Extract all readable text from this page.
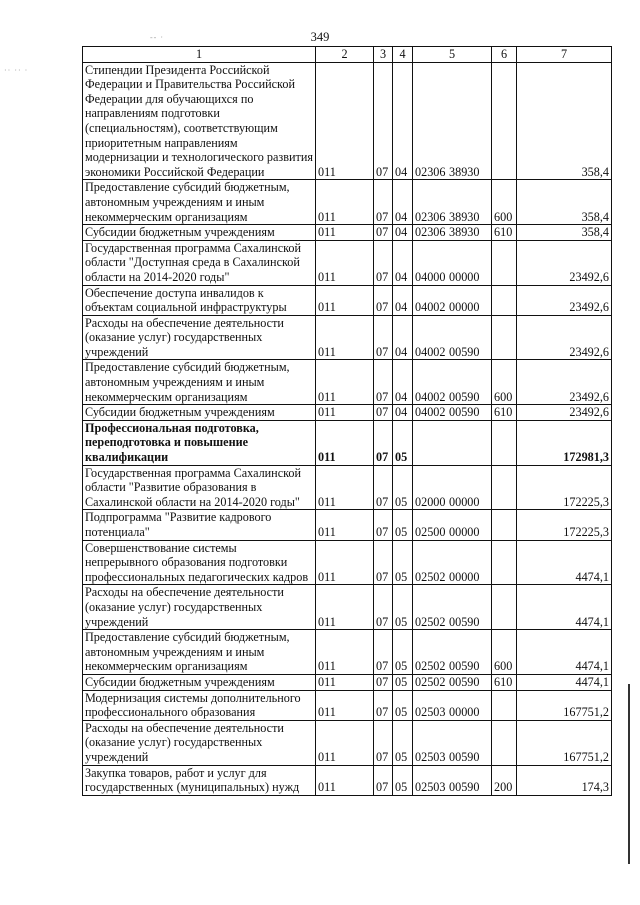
-- ·
·· ·· ·
349
1	2	3	4	5	6	7
Стипендии Президента Российской Федерации и Правительства Российской Федерации для обучающихся по направлениям подготовки (специальностям), соответствующим приоритетным направлениям модернизации и технологического развития экономики Российской Федерации	011	07	04	02306 38930		358,4
Предоставление субсидий бюджетным, автономным учреждениям и иным некоммерческим организациям	011	07	04	02306 38930	600	358,4
Субсидии бюджетным учреждениям	011	07	04	02306 38930	610	358,4
Государственная программа Сахалинской области "Доступная среда в Сахалинской области на 2014-2020 годы"	011	07	04	04000 00000		23492,6
Обеспечение доступа инвалидов к объектам социальной инфраструктуры	011	07	04	04002 00000		23492,6
Расходы на обеспечение деятельности (оказание услуг) государственных учреждений	011	07	04	04002 00590		23492,6
Предоставление субсидий бюджетным, автономным учреждениям и иным некоммерческим организациям	011	07	04	04002 00590	600	23492,6
Субсидии бюджетным учреждениям	011	07	04	04002 00590	610	23492,6
Профессиональная подготовка, переподготовка и повышение квалификации	011	07	05			172981,3
Государственная программа Сахалинской области "Развитие образования в Сахалинской области на 2014-2020 годы"	011	07	05	02000 00000		172225,3
Подпрограмма "Развитие кадрового потенциала"	011	07	05	02500 00000		172225,3
Совершенствование системы непрерывного образования подготовки профессиональных педагогических кадров	011	07	05	02502 00000		4474,1
Расходы на обеспечение деятельности (оказание услуг) государственных учреждений	011	07	05	02502 00590		4474,1
Предоставление субсидий бюджетным, автономным учреждениям и иным некоммерческим организациям	011	07	05	02502 00590	600	4474,1
Субсидии бюджетным учреждениям	011	07	05	02502 00590	610	4474,1
Модернизация системы дополнительного профессионального образования	011	07	05	02503 00000		167751,2
Расходы на обеспечение деятельности (оказание услуг) государственных учреждений	011	07	05	02503 00590		167751,2
Закупка товаров, работ и услуг для государственных (муниципальных) нужд	011	07	05	02503 00590	200	174,3
